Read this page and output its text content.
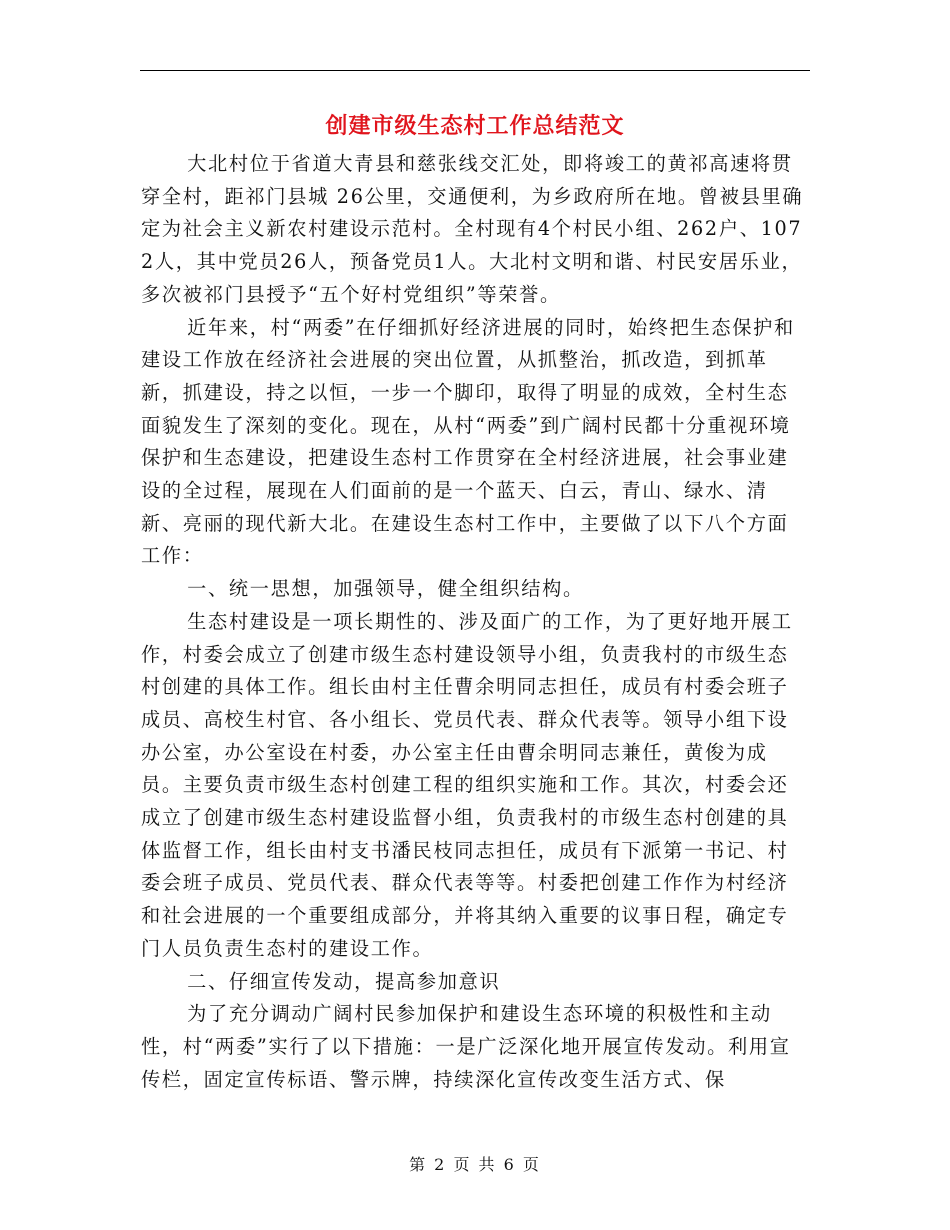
创建市级生态村工作总结范文

大北村位于省道大青县和慈张线交汇处，即将竣工的黄祁高速将贯穿全村，距祁门县城 26公里，交通便利，为乡政府所在地。曾被县里确定为社会主义新农村建设示范村。全村现有4个村民小组、262户、1072人，其中党员26人，预备党员1人。大北村文明和谐、村民安居乐业，多次被祁门县授予“五个好村党组织”等荣誉。

近年来，村“两委”在仔细抓好经济进展的同时，始终把生态保护和建设工作放在经济社会进展的突出位置，从抓整治，抓改造，到抓革新，抓建设，持之以恒，一步一个脚印，取得了明显的成效，全村生态面貌发生了深刻的变化。现在，从村“两委”到广阔村民都十分重视环境保护和生态建设，把建设生态村工作贯穿在全村经济进展，社会事业建设的全过程，展现在人们面前的是一个蓝天、白云，青山、绿水、清新、亮丽的现代新大北。在建设生态村工作中，主要做了以下八个方面工作：

一、统一思想，加强领导，健全组织结构。

生态村建设是一项长期性的、涉及面广的工作，为了更好地开展工作，村委会成立了创建市级生态村建设领导小组，负责我村的市级生态村创建的具体工作。组长由村主任曹余明同志担任，成员有村委会班子成员、高校生村官、各小组长、党员代表、群众代表等。领导小组下设办公室，办公室设在村委，办公室主任由曹余明同志兼任，黄俊为成员。主要负责市级生态村创建工程的组织实施和工作。其次，村委会还成立了创建市级生态村建设监督小组，负责我村的市级生态村创建的具体监督工作，组长由村支书潘民枝同志担任，成员有下派第一书记、村委会班子成员、党员代表、群众代表等等。村委把创建工作作为村经济和社会进展的一个重要组成部分，并将其纳入重要的议事日程，确定专门人员负责生态村的建设工作。

二、仔细宣传发动，提高参加意识

为了充分调动广阔村民参加保护和建设生态环境的积极性和主动性，村“两委”实行了以下措施：一是广泛深化地开展宣传发动。利用宣传栏，固定宣传标语、警示牌，持续深化宣传改变生活方式、保

第 2 页 共 6 页
